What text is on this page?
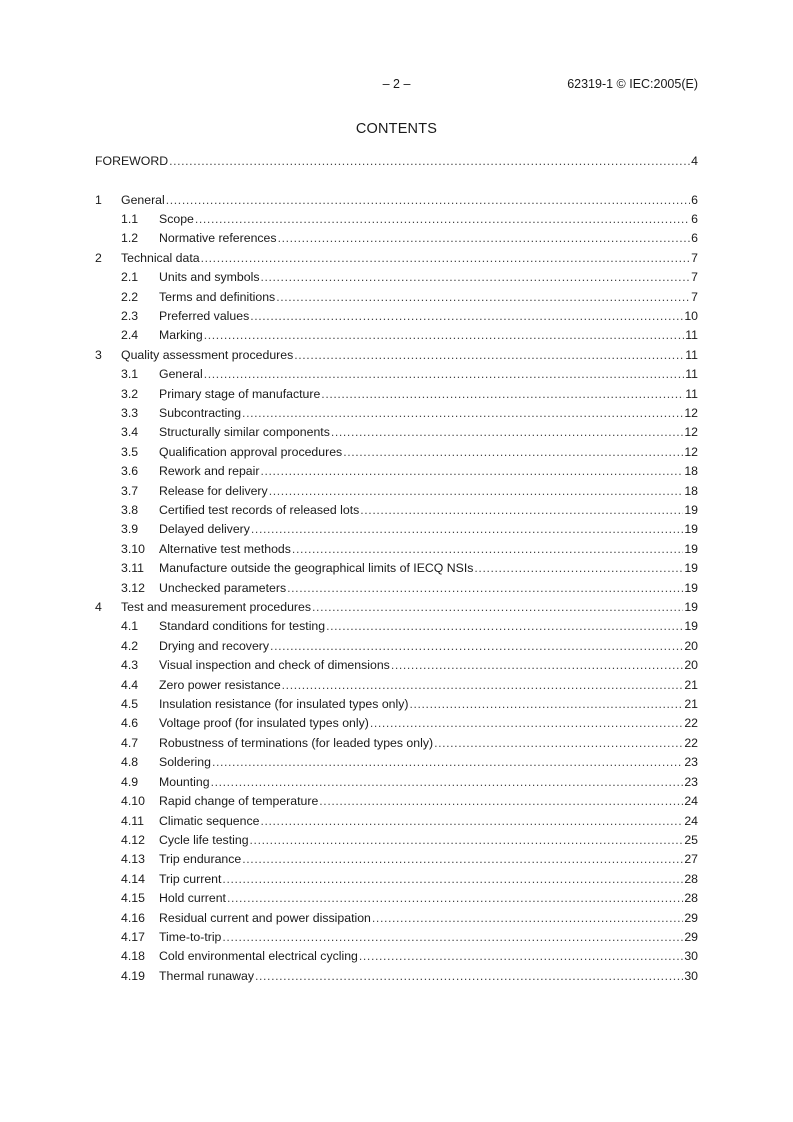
– 2 –	62319-1 © IEC:2005(E)
CONTENTS
FOREWORD .....	4
1	General .....	6
1.1	Scope .....	6
1.2	Normative references .....	6
2	Technical data .....	7
2.1	Units and symbols .....	7
2.2	Terms and definitions .....	7
2.3	Preferred values .....	10
2.4	Marking .....	11
3	Quality assessment procedures .....	11
3.1	General .....	11
3.2	Primary stage of manufacture .....	11
3.3	Subcontracting .....	12
3.4	Structurally similar components .....	12
3.5	Qualification approval procedures .....	12
3.6	Rework and repair .....	18
3.7	Release for delivery .....	18
3.8	Certified test records of released lots .....	19
3.9	Delayed delivery .....	19
3.10	Alternative test methods .....	19
3.11	Manufacture outside the geographical limits of IECQ NSIs .....	19
3.12	Unchecked parameters .....	19
4	Test and measurement procedures .....	19
4.1	Standard conditions for testing .....	19
4.2	Drying and recovery .....	20
4.3	Visual inspection and check of dimensions .....	20
4.4	Zero power resistance .....	21
4.5	Insulation resistance (for insulated types only) .....	21
4.6	Voltage proof (for insulated types only) .....	22
4.7	Robustness of terminations (for leaded types only) .....	22
4.8	Soldering .....	23
4.9	Mounting .....	23
4.10	Rapid change of temperature .....	24
4.11	Climatic sequence .....	24
4.12	Cycle life testing .....	25
4.13	Trip endurance .....	27
4.14	Trip current .....	28
4.15	Hold current .....	28
4.16	Residual current and power dissipation .....	29
4.17	Time-to-trip .....	29
4.18	Cold environmental electrical cycling .....	30
4.19	Thermal runaway .....	30
